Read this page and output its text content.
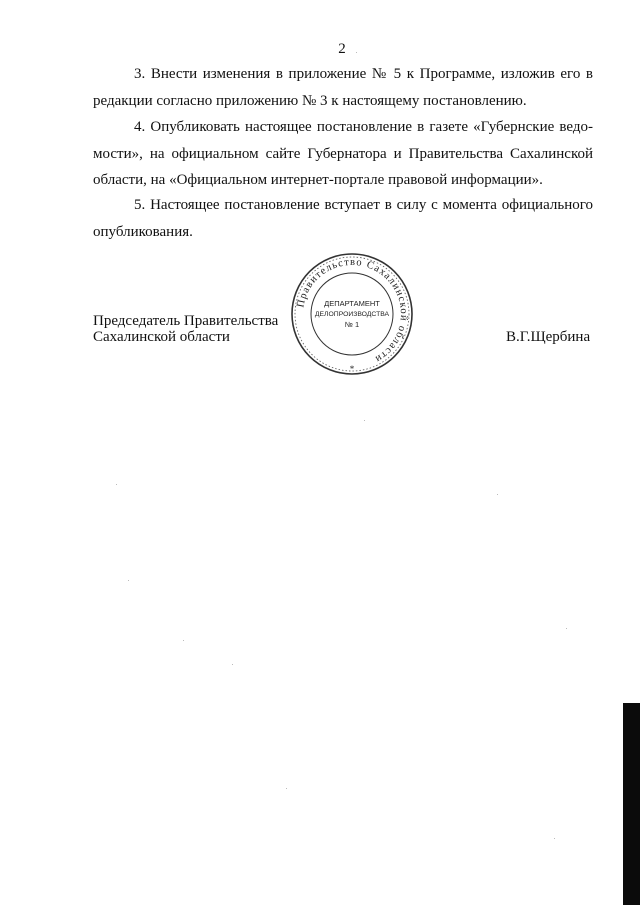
2
3. Внести изменения в приложение № 5 к Программе, изложив его в
редакции согласно приложению № 3 к настоящему постановлению.
4. Опубликовать настоящее постановление в газете «Губернские ведо-
мости», на официальном сайте Губернатора и Правительства Сахалинской
области, на «Официальном интернет-портале правовой информации».
5. Настоящее постановление вступает в силу с момента официального
опубликования.
Председатель Правительства
Сахалинской области
Правительство Сахалинской области
*
ДЕПАРТАМЕНТ
ДЕЛОПРОИЗВОДСТВА
№ 1
В.Г.Щербина
